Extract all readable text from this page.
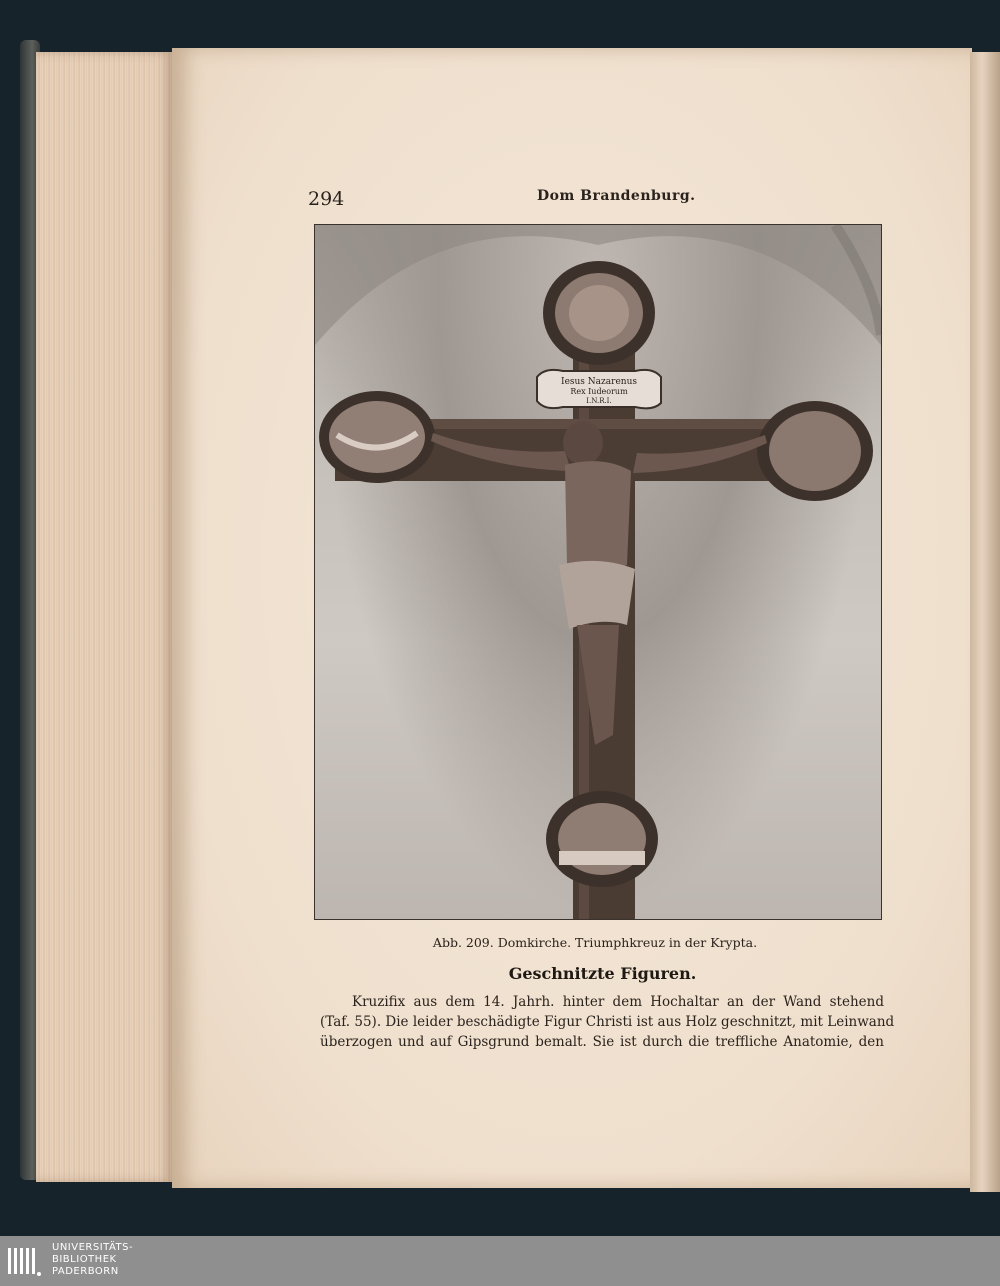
294	Dom Brandenburg.
Iesus Nazarenus
Rex Iudeorum
I.N.R.I.
Abb. 209. Domkirche. Triumphkreuz in der Krypta.
Geschnitzte Figuren.
Kruzifix aus dem 14. Jahrh. hinter dem Hochaltar an der Wand stehend
(Taf. 55). Die leider beschädigte Figur Christi ist aus Holz geschnitzt, mit Leinwand
überzogen und auf Gipsgrund bemalt. Sie ist durch die treffliche Anatomie, den
UNIVERSITÄTS-
BIBLIOTHEK
PADERBORN
